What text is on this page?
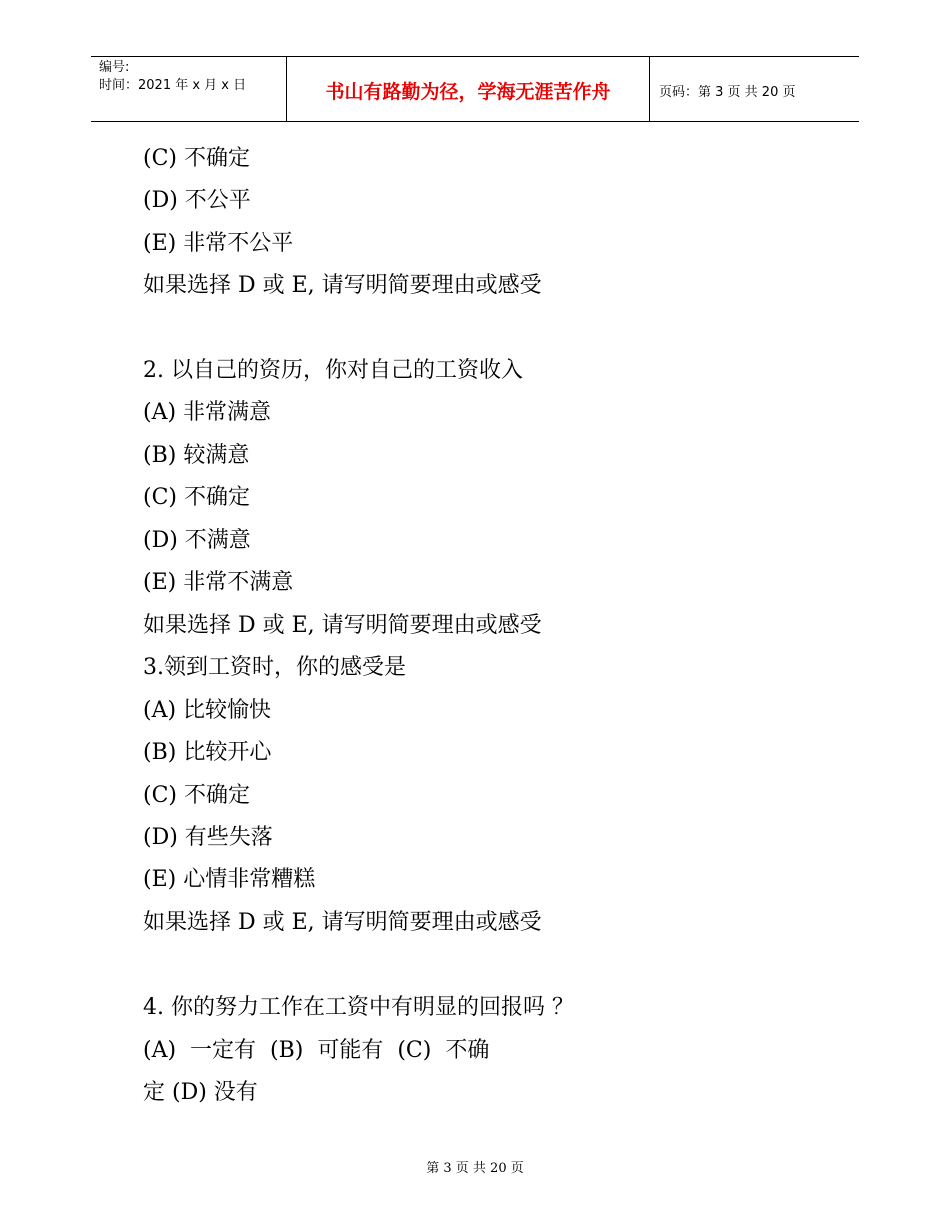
编号:
时间：2021 年 x 月 x 日	书山有路勤为径，学海无涯苦作舟	页码：第 3 页 共 20 页
(C) 不确定
(D) 不公平
(E) 非常不公平
如果选择 D 或 E, 请写明简要理由或感受
2. 以自己的资历，你对自己的工资收入
(A) 非常满意
(B) 较满意
(C) 不确定
(D) 不满意
(E) 非常不满意
如果选择 D 或 E, 请写明简要理由或感受
3.领到工资时，你的感受是
(A) 比较愉快
(B) 比较开心
(C) 不确定
(D) 有些失落
(E) 心情非常糟糕
如果选择 D 或 E, 请写明简要理由或感受
4. 你的努力工作在工资中有明显的回报吗 ？
(A)  一定有  (B)  可能有  (C)  不确
定 (D) 没有
第 3 页 共 20 页
